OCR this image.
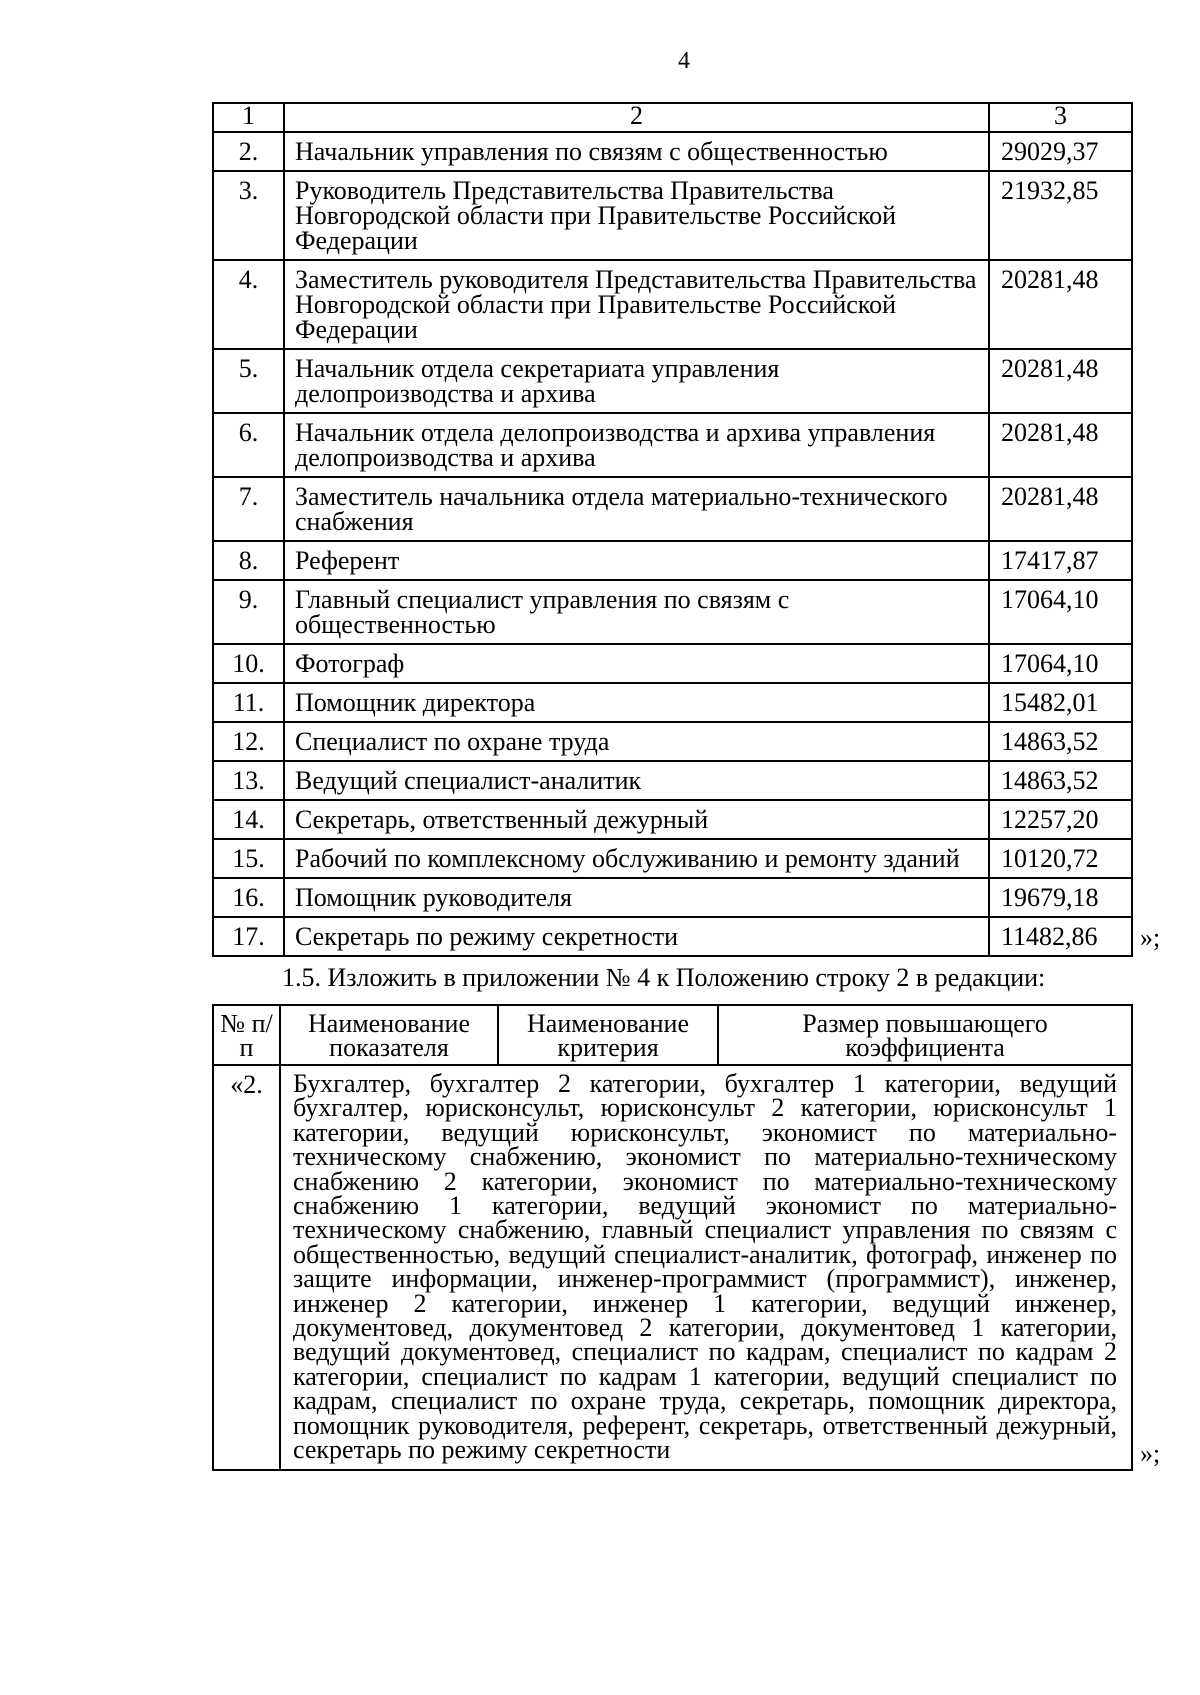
4
1	2	3
2.	Начальник управления по связям с общественностью	29029,37
3.	Руководитель Представительства Правительства Новгородской области при Правительстве Российской Федерации	21932,85
4.	Заместитель руководителя Представительства Правительства Новгородской области при Правительстве Российской Федерации	20281,48
5.	Начальник отдела секретариата управления делопроизводства и архива	20281,48
6.	Начальник отдела делопроизводства и архива управления делопроизводства и архива	20281,48
7.	Заместитель начальника отдела материально-технического снабжения	20281,48
8.	Референт	17417,87
9.	Главный специалист управления по связям с общественностью	17064,10
10.	Фотограф	17064,10
11.	Помощник директора	15482,01
12.	Специалист по охране труда	14863,52
13.	Ведущий специалист-аналитик	14863,52
14.	Секретарь, ответственный дежурный	12257,20
15.	Рабочий по комплексному обслуживанию и ремонту зданий	10120,72
16.	Помощник руководителя	19679,18
17.	Секретарь по режиму секретности	11482,86 »;
1.5. Изложить в приложении № 4 к Положению строку 2 в редакции:
№ п/п	Наименование показателя	Наименование критерия	Размер повышающего коэффициента
«2.	Бухгалтер, бухгалтер 2 категории, бухгалтер 1 категории, ведущий бухгалтер, юрисконсульт, юрисконсульт 2 категории, юрисконсульт 1 категории, ведущий юрисконсульт, экономист по материально-техническому снабжению, экономист по материально-техническому снабжению 2 категории, экономист по материально-техническому снабжению 1 категории, ведущий экономист по материально-техническому снабжению, главный специалист управления по связям с общественностью, ведущий специалист-аналитик, фотограф, инженер по защите информации, инженер-программист (программист), инженер, инженер 2 категории, инженер 1 категории, ведущий инженер, документовед, документовед 2 категории, документовед 1 категории, ведущий документовед, специалист по кадрам, специалист по кадрам 2 категории, специалист по кадрам 1 категории, ведущий специалист по кадрам, специалист по охране труда, секретарь, помощник директора, помощник руководителя, референт, секретарь, ответственный дежурный, секретарь по режиму секретности			»;
